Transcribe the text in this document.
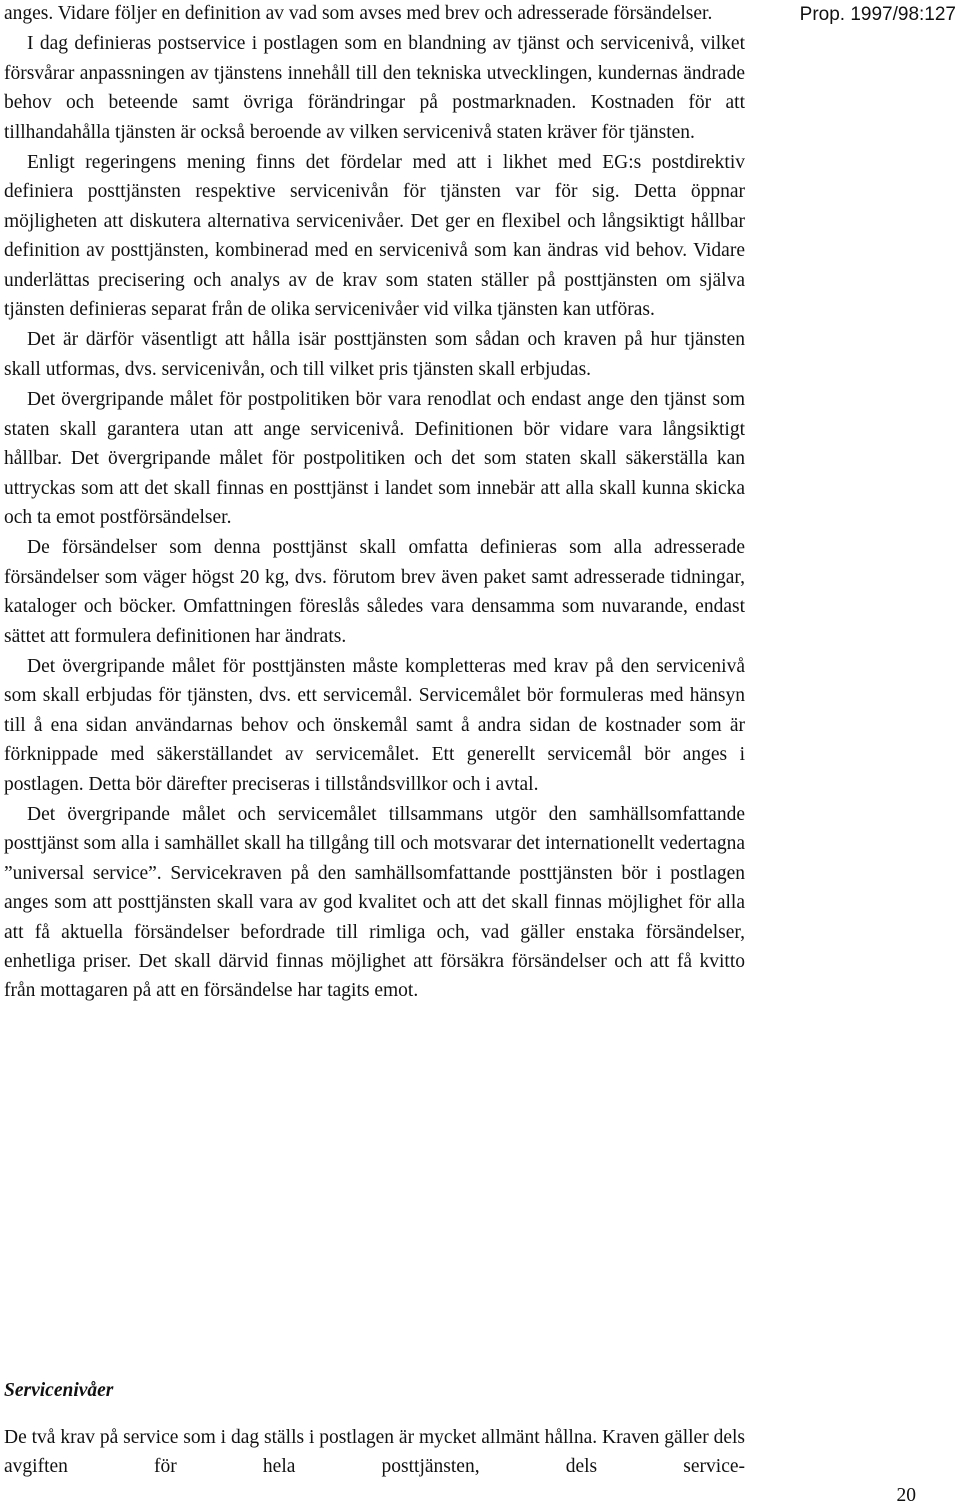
Prop. 1997/98:127

anges. Vidare följer en definition av vad som avses med brev och adresserade försändelser.

I dag definieras postservice i postlagen som en blandning av tjänst och servicenivå, vilket försvårar anpassningen av tjänstens innehåll till den tekniska utvecklingen, kundernas ändrade behov och beteende samt övriga förändringar på postmarknaden. Kostnaden för att tillhandahålla tjänsten är också beroende av vilken servicenivå staten kräver för tjänsten.

Enligt regeringens mening finns det fördelar med att i likhet med EG:s postdirektiv definiera posttjänsten respektive servicenivån för tjänsten var för sig. Detta öppnar möjligheten att diskutera alternativa servicenivåer. Det ger en flexibel och långsiktigt hållbar definition av posttjänsten, kombinerad med en servicenivå som kan ändras vid behov. Vidare underlättas precisering och analys av de krav som staten ställer på posttjänsten om själva tjänsten definieras separat från de olika servicenivåer vid vilka tjänsten kan utföras.

Det är därför väsentligt att hålla isär posttjänsten som sådan och kraven på hur tjänsten skall utformas, dvs. servicenivån, och till vilket pris tjänsten skall erbjudas.

Det övergripande målet för postpolitiken bör vara renodlat och endast ange den tjänst som staten skall garantera utan att ange servicenivå. Definitionen bör vidare vara långsiktigt hållbar. Det övergripande målet för postpolitiken och det som staten skall säkerställa kan uttryckas som att det skall finnas en posttjänst i landet som innebär att alla skall kunna skicka och ta emot postförsändelser.

De försändelser som denna posttjänst skall omfatta definieras som alla adresserade försändelser som väger högst 20 kg, dvs. förutom brev även paket samt adresserade tidningar, kataloger och böcker. Omfattningen föreslås således vara densamma som nuvarande, endast sättet att formulera definitionen har ändrats.

Det övergripande målet för posttjänsten måste kompletteras med krav på den servicenivå som skall erbjudas för tjänsten, dvs. ett servicemål. Servicemålet bör formuleras med hänsyn till å ena sidan användarnas behov och önskemål samt å andra sidan de kostnader som är förknippade med säkerställandet av servicemålet. Ett generellt servicemål bör anges i postlagen. Detta bör därefter preciseras i tillståndsvillkor och i avtal.

Det övergripande målet och servicemålet tillsammans utgör den samhällsomfattande posttjänst som alla i samhället skall ha tillgång till och motsvarar det internationellt vedertagna ”universal service”. Servicekraven på den samhällsomfattande posttjänsten bör i postlagen anges som att posttjänsten skall vara av god kvalitet och att det skall finnas möjlighet för alla att få aktuella försändelser befordrade till rimliga och, vad gäller enstaka försändelser, enhetliga priser. Det skall därvid finnas möjlighet att försäkra försändelser och att få kvitto från mottagaren på att en försändelse har tagits emot.

Servicenivåer

De två krav på service som i dag ställs i postlagen är mycket allmänt hållna. Kraven gäller dels avgiften för hela posttjänsten, dels service-

20
